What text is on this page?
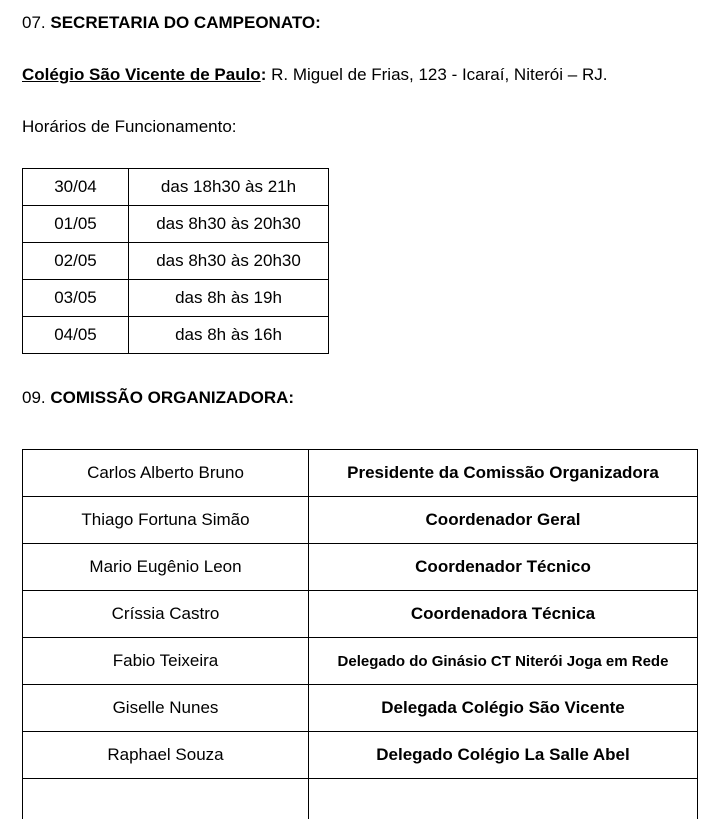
07. SECRETARIA DO CAMPEONATO:
Colégio São Vicente de Paulo: R. Miguel de Frias, 123 - Icaraí, Niterói – RJ.
Horários de Funcionamento:
30/04	das 18h30 às 21h
01/05	das 8h30 às 20h30
02/05	das 8h30 às 20h30
03/05	das 8h às 19h
04/05	das 8h às 16h
09. COMISSÃO ORGANIZADORA:
Carlos Alberto Bruno	Presidente da Comissão Organizadora
Thiago Fortuna Simão	Coordenador Geral
Mario Eugênio Leon	Coordenador Técnico
Críssia Castro	Coordenadora Técnica
Fabio Teixeira	Delegado do Ginásio CT Niterói Joga em Rede
Giselle Nunes	Delegada Colégio São Vicente
Raphael Souza	Delegado Colégio La Salle Abel
